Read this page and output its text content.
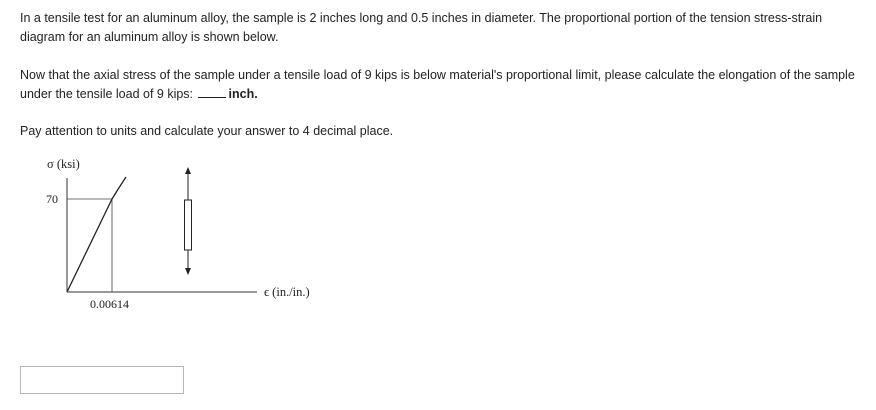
In a tensile test for an aluminum alloy, the sample is 2 inches long and 0.5 inches in diameter. The proportional portion of the tension stress-strain diagram for an aluminum alloy is shown below.

Now that the axial stress of the sample under a tensile load of 9 kips is below material's proportional limit, please calculate the elongation of the sample under the tensile load of 9 kips:	inch.

Pay attention to units and calculate your answer to 4 decimal place.

σ (ksi)
70
0.00614
ϵ (in./in.)
